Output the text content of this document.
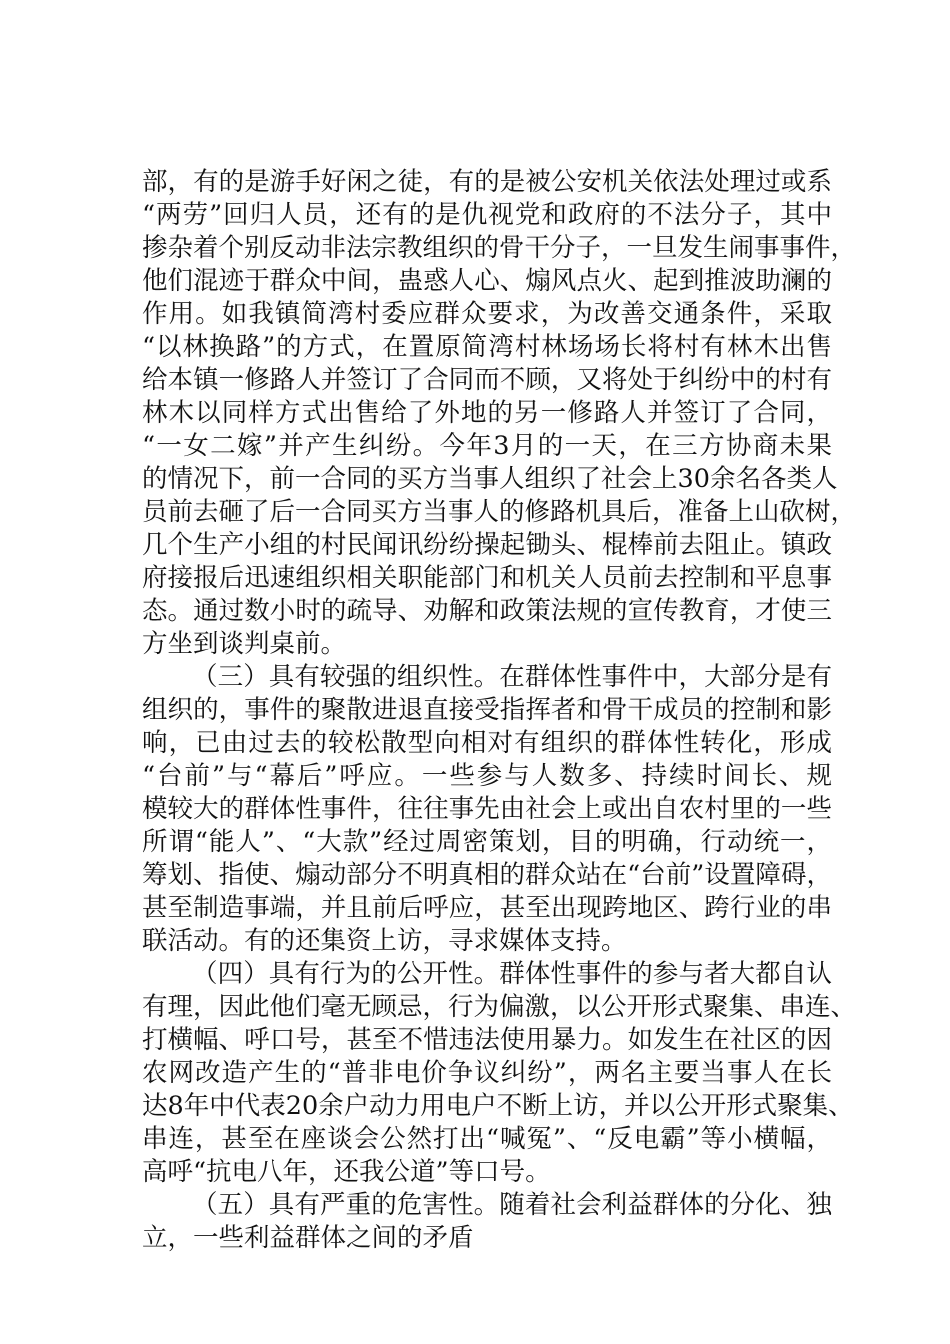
部，有的是游手好闲之徒，有的是被公安机关依法处理过或系
“两劳”回归人员，还有的是仇视党和政府的不法分子，其中
掺杂着个别反动非法宗教组织的骨干分子，一旦发生闹事事件，
他们混迹于群众中间，蛊惑人心、煽风点火、起到推波助澜的
作用。如我镇简湾村委应群众要求，为改善交通条件，采取
“以林换路”的方式，在置原简湾村林场场长将村有林木出售
给本镇一修路人并签订了合同而不顾，又将处于纠纷中的村有
林木以同样方式出售给了外地的另一修路人并签订了合同，
“一女二嫁”并产生纠纷。今年3月的一天，在三方协商未果
的情况下，前一合同的买方当事人组织了社会上30余名各类人
员前去砸了后一合同买方当事人的修路机具后，准备上山砍树，
几个生产小组的村民闻讯纷纷操起锄头、棍棒前去阻止。镇政
府接报后迅速组织相关职能部门和机关人员前去控制和平息事
态。通过数小时的疏导、劝解和政策法规的宣传教育，才使三
方坐到谈判桌前。
（三）具有较强的组织性。在群体性事件中，大部分是有
组织的，事件的聚散进退直接受指挥者和骨干成员的控制和影
响，已由过去的较松散型向相对有组织的群体性转化，形成
“台前”与“幕后”呼应。一些参与人数多、持续时间长、规
模较大的群体性事件，往往事先由社会上或出自农村里的一些
所谓“能人”、“大款”经过周密策划，目的明确，行动统一，
筹划、指使、煽动部分不明真相的群众站在“台前”设置障碍，
甚至制造事端，并且前后呼应，甚至出现跨地区、跨行业的串
联活动。有的还集资上访，寻求媒体支持。
（四）具有行为的公开性。群体性事件的参与者大都自认
有理，因此他们毫无顾忌，行为偏激，以公开形式聚集、串连、
打横幅、呼口号，甚至不惜违法使用暴力。如发生在社区的因
农网改造产生的“普非电价争议纠纷”，两名主要当事人在长
达8年中代表20余户动力用电户不断上访，并以公开形式聚集、
串连，甚至在座谈会公然打出“喊冤”、“反电霸”等小横幅，
高呼“抗电八年，还我公道”等口号。
（五）具有严重的危害性。随着社会利益群体的分化、独
立，一些利益群体之间的矛盾
